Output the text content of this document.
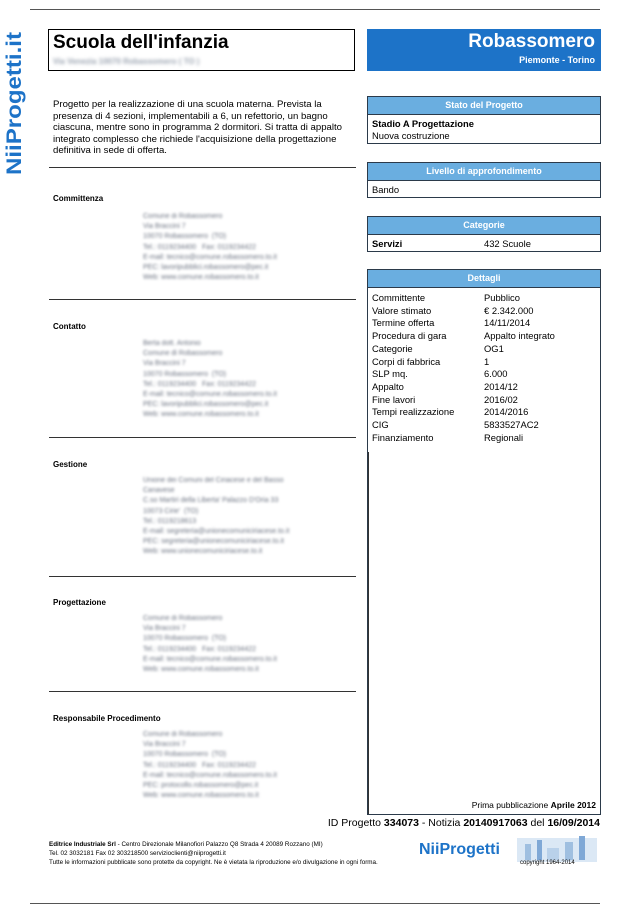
NiiProgetti.it
Scuola dell'infanzia
Via Venezia 10070 Robassomero ( TO )
Robassomero
Piemonte - Torino
Progetto per la realizzazione di una scuola materna. Prevista la presenza di 4 sezioni, implementabili a 6, un refettorio, un bagno ciascuna, mentre sono in programma 2 dormitori. Si tratta di appalto integrato complesso che richiede l'acquisizione della progettazione definitiva in sede di offerta.
Committenza
Comune di Robassomero
Via Braccini 7
10070 Robassomero  (TO)
Tel.: 0119234400   Fax: 0119234422
E-mail: tecnico@comune.robassomero.to.it
PEC: lavoripubblici.robassomero@pec.it
Web: www.comune.robassomero.to.it
Contatto
Berta dott. Antonio
Comune di Robassomero
Via Braccini 7
10070 Robassomero  (TO)
Tel.: 0119234400   Fax: 0119234422
E-mail: tecnico@comune.robassomero.to.it
PEC: lavoripubblici.robassomero@pec.it
Web: www.comune.robassomero.to.it
Gestione
Unione dei Comuni del Ciriacese e del Basso
Canavese
C.so Martiri della Liberta' Palazzo D'Oria 33
10073 Cirie'  (TO)
Tel.: 0119218613
E-mail: segreteria@unionecomuniciriacese.to.it
PEC: segreteria@unionecomuniciriacese.to.it
Web: www.unionecomuniciriacese.to.it
Progettazione
Comune di Robassomero
Via Braccini 7
10070 Robassomero  (TO)
Tel.: 0119234400   Fax: 0119234422
E-mail: tecnico@comune.robassomero.to.it
Web: www.comune.robassomero.to.it
Responsabile Procedimento
Comune di Robassomero
Via Braccini 7
10070 Robassomero  (TO)
Tel.: 0119234400   Fax: 0119234422
E-mail: tecnico@comune.robassomero.to.it
PEC: protocollo.robassomero@pec.it
Web: www.comune.robassomero.to.it
Stato del Progetto
Stadio A Progettazione
Nuova costruzione
Livello di approfondimento
Bando
Categorie
Servizi	432 Scuole
Dettagli
Committente	Pubblico
Valore stimato	€ 2.342.000
Termine offerta	14/11/2014
Procedura di gara	Appalto integrato
Categorie	OG1
Corpi di fabbrica	1
SLP mq.	6.000
Appalto	2014/12
Fine lavori	2016/02
Tempi realizzazione	2014/2016
CIG	5833527AC2
Finanziamento	Regionali
Prima pubblicazione Aprile 2012
ID Progetto 334073 - Notizia 20140917063 del 16/09/2014
Editrice Industriale Srl - Centro Direzionale Milanofiori Palazzo Q8 Strada 4 20089 Rozzano (MI)
Tel. 02 3032181 Fax 02 303218500 servizioclienti@niiprogetti.it
Tutte le informazioni pubblicate sono protette da copyright. Ne è vietata la riproduzione e/o divulgazione in ogni forma.
NiiProgetti
copyright 1964-2014
